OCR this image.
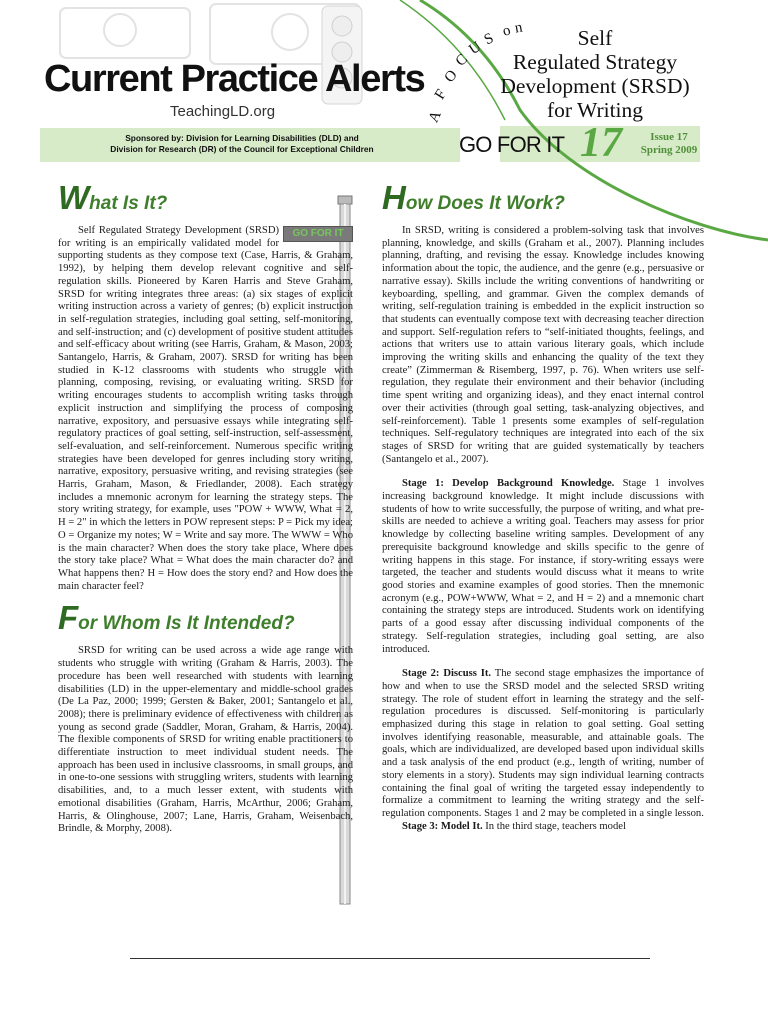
Current Practice Alerts
TeachingLD.org
Sponsored by: Division for Learning Disabilities (DLD) and
Division for Research (DR) of the Council for Exceptional Children
A
F
O
C
U
S o n	Self
Regulated Strategy
Development (SRSD)
for Writing
GO FOR IT 17	Issue 17
Spring 2009
What Is It?
GO FOR IT

Self Regulated Strategy Development (SRSD) for writing is an empirically validated model for supporting students as they compose text (Case, Harris, & Graham, 1992), by helping them develop relevant cognitive and self-regulation skills. Pioneered by Karen Harris and Steve Graham, SRSD for writing integrates three areas: (a) six stages of explicit writing instruction across a variety of genres; (b) explicit instruction in self-regulation strategies, including goal setting, self-monitoring, and self-instruction; and (c) development of positive student attitudes and self-efficacy about writing (see Harris, Graham, & Mason, 2003; Santangelo, Harris, & Graham, 2007). SRSD for writing has been studied in K-12 classrooms with students who struggle with planning, composing, revising, or evaluating writing. SRSD for writing encourages students to accomplish writing tasks through explicit instruction and simplifying the process of composing narrative, expository, and persuasive essays while integrating self-regulatory practices of goal setting, self-instruction, self-assessment, self-evaluation, and self-reinforcement. Numerous specific writing strategies have been developed for genres including story writing, narrative, expository, persuasive writing, and revising strategies (see Harris, Graham, Mason, & Friedlander, 2008). Each strategy includes a mnemonic acronym for learning the strategy steps. The story writing strategy, for example, uses "POW + WWW, What = 2, H = 2" in which the letters in POW represent steps: P = Pick my idea; O = Organize my notes; W = Write and say more. The WWW = Who is the main character? When does the story take place, Where does the story take place? What = What does the main character do? and What happens then? H = How does the story end? and How does the main character feel?

For Whom Is It Intended?

SRSD for writing can be used across a wide age range with students who struggle with writing (Graham & Harris, 2003). The procedure has been well researched with students with learning disabilities (LD) in the upper-elementary and middle-school grades (De La Paz, 2000; 1999; Gersten & Baker, 2001; Santangelo et al., 2008); there is preliminary evidence of effectiveness with children as young as second grade (Saddler, Moran, Graham, & Harris, 2004). The flexible components of SRSD for writing enable practitioners to differentiate instruction to meet individual student needs. The approach has been used in inclusive classrooms, in small groups, and in one-to-one sessions with struggling writers, students with learning disabilities, and, to a much lesser extent, with students with emotional disabilities (Graham, Harris, McArthur, 2006; Graham, Harris, & Olinghouse, 2007; Lane, Harris, Graham, Weisenbach, Brindle, & Morphy, 2008).

How Does It Work?

In SRSD, writing is considered a problem-solving task that involves planning, knowledge, and skills (Graham et al., 2007). Planning includes planning, drafting, and revising the essay. Knowledge includes knowing information about the topic, the audience, and the genre (e.g., persuasive or narrative essay). Skills include the writing conventions of handwriting or keyboarding, spelling, and grammar. Given the complex demands of writing, self-regulation training is embedded in the explicit instruction so that students can eventually compose text with decreasing teacher direction and support. Self-regulation refers to “self-initiated thoughts, feelings, and actions that writers use to attain various literary goals, which include improving the writing skills and enhancing the quality of the text they create” (Zimmerman & Risemberg, 1997, p. 76). When writers use self-regulation, they regulate their environment and their behavior (including time spent writing and organizing ideas), and they enact internal control over their activities (through goal setting, task-analyzing objectives, and self-reinforcement). Table 1 presents some examples of self-regulation techniques. Self-regulatory techniques are integrated into each of the six stages of SRSD for writing that are guided systematically by teachers (Santangelo et al., 2007).

Stage 1: Develop Background Knowledge. Stage 1 involves increasing background knowledge. It might include discussions with students of how to write successfully, the purpose of writing, and what pre-skills are needed to achieve a writing goal. Teachers may assess for prior knowledge by collecting baseline writing samples. Development of any prerequisite background knowledge and skills specific to the genre of writing happens in this stage. For instance, if story-writing essays were targeted, the teacher and students would discuss what it means to write good stories and examine examples of good stories. Then the mnemonic acronym (e.g., POW+WWW, What = 2, and H = 2) and a mnemonic chart containing the strategy steps are introduced. Students work on identifying parts of a good essay after discussing individual components of the strategy. Self-regulation strategies, including goal setting, are also introduced.

Stage 2: Discuss It. The second stage emphasizes the importance of how and when to use the SRSD model and the selected SRSD writing strategy. The role of student effort in learning the strategy and the self-regulation procedures is discussed. Self-monitoring is particularly emphasized during this stage in relation to goal setting. Goal setting involves identifying reasonable, measurable, and attainable goals. The goals, which are individualized, are developed based upon individual skills and a task analysis of the end product (e.g., length of writing, number of story elements in a story). Students may sign individual learning contracts containing the final goal of writing the targeted essay independently to formalize a commitment to learning the writing strategy and the self-regulation components. Stages 1 and 2 may be completed in a single lesson.

Stage 3: Model It. In the third stage, teachers model
